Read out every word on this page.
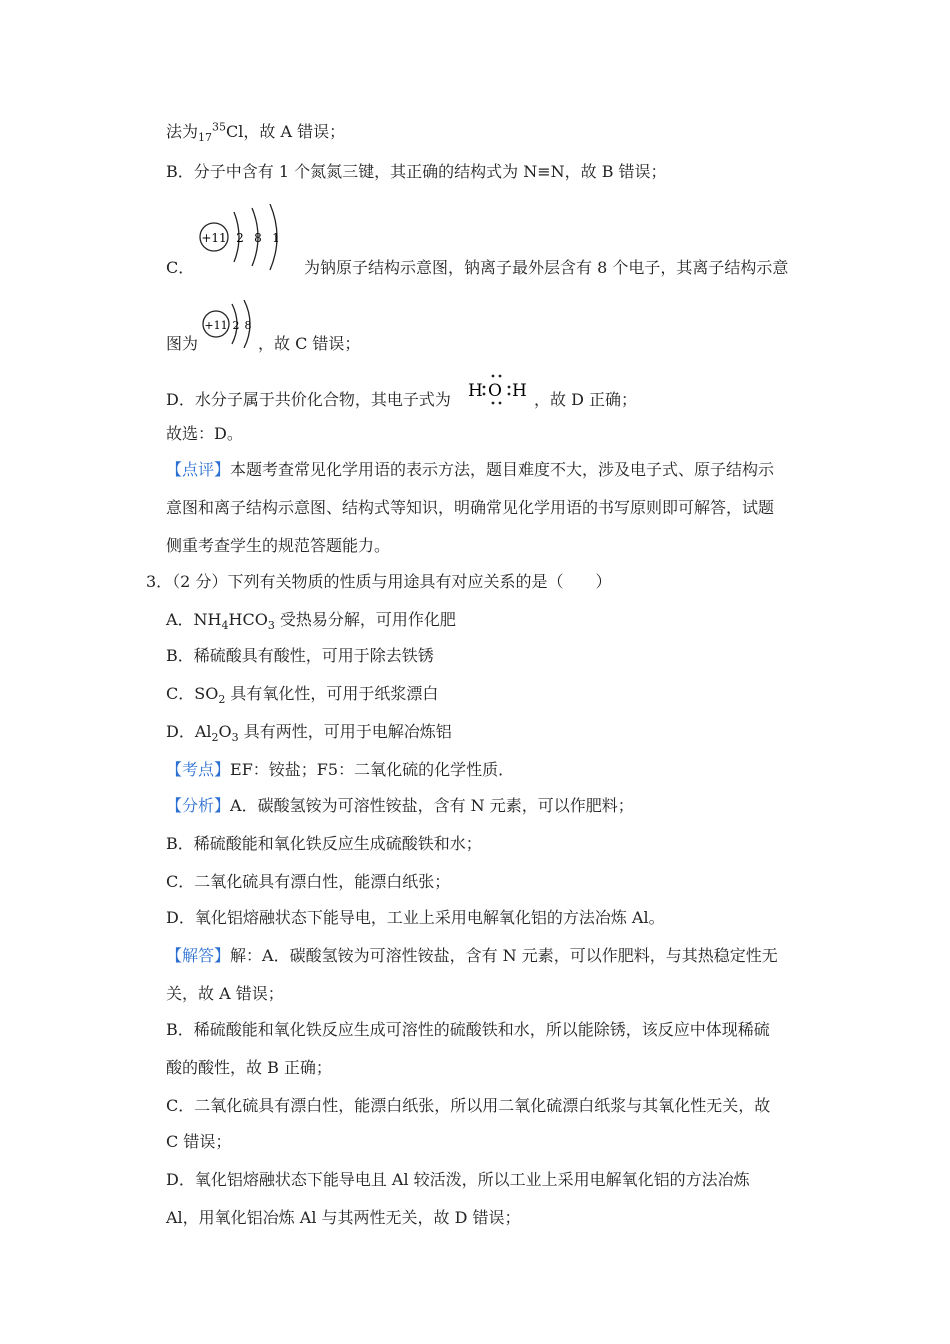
法为$_{17}^{35}$Cl，故 A 错误；
B．分子中含有 1 个氮氮三键，其正确的结构式为 N≡N，故 B 错误；
+11 2 8 1
C．	为钠原子结构示意图，钠离子最外层含有 8 个电子，其离子结构示意
+11 2 8
图为	，故 C 错误；
D．水分子属于共价化合物，其电子式为 H O H ，故 D 正确；
故选：D。
【点评】本题考查常见化学用语的表示方法，题目难度不大，涉及电子式、原子结构示
意图和离子结构示意图、结构式等知识，明确常见化学用语的书写原则即可解答，试题
侧重考查学生的规范答题能力。
3．（2 分）下列有关物质的性质与用途具有对应关系的是（　　）
A．$NH_4HCO_3$ 受热易分解，可用作化肥
B．稀硫酸具有酸性，可用于除去铁锈
C．$SO_2$ 具有氧化性，可用于纸浆漂白
D．$Al_2O_3$ 具有两性，可用于电解冶炼铝
【考点】EF：铵盐；F5：二氧化硫的化学性质．
【分析】A．碳酸氢铵为可溶性铵盐，含有 N 元素，可以作肥料；
B．稀硫酸能和氧化铁反应生成硫酸铁和水；
C．二氧化硫具有漂白性，能漂白纸张；
D．氧化铝熔融状态下能导电，工业上采用电解氧化铝的方法冶炼 Al。
【解答】解：A．碳酸氢铵为可溶性铵盐，含有 N 元素，可以作肥料，与其热稳定性无
关，故 A 错误；
B．稀硫酸能和氧化铁反应生成可溶性的硫酸铁和水，所以能除锈，该反应中体现稀硫
酸的酸性，故 B 正确；
C．二氧化硫具有漂白性，能漂白纸张，所以用二氧化硫漂白纸浆与其氧化性无关，故
C 错误；
D．氧化铝熔融状态下能导电且 Al 较活泼，所以工业上采用电解氧化铝的方法冶炼
Al，用氧化铝冶炼 Al 与其两性无关，故 D 错误；
